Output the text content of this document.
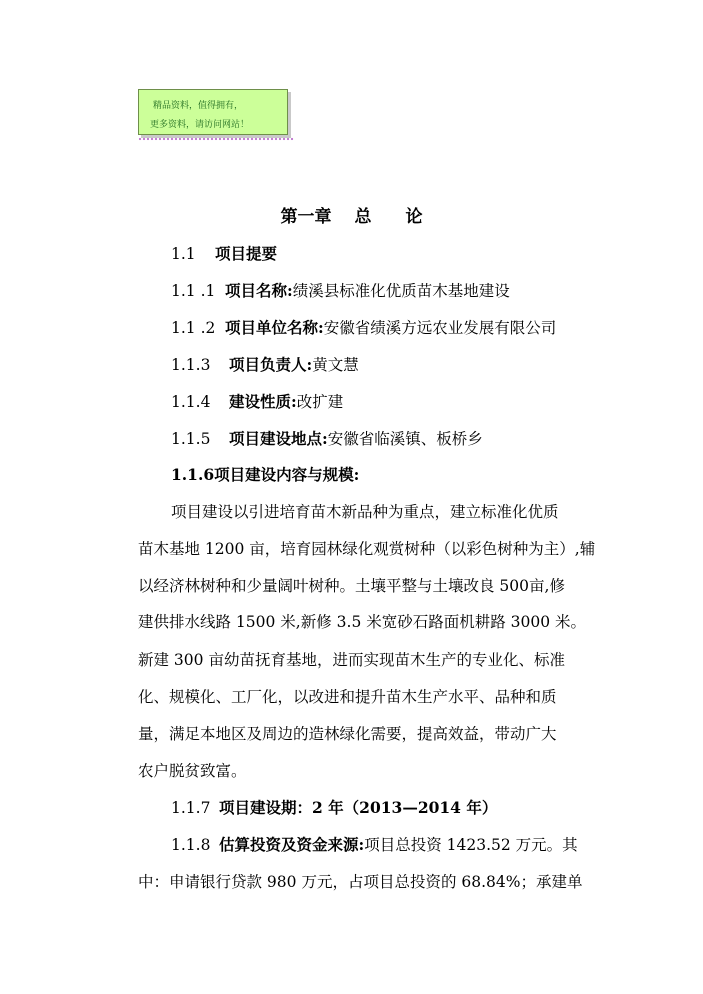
精品资料，值得拥有，
更多资料，请访问网站！
第一章　 总　　论
1.1 项目提要
1.1 .1 项目名称:绩溪县标准化优质苗木基地建设
1.1 .2 项目单位名称:安徽省绩溪方远农业发展有限公司
1.1.3 项目负责人:黄文慧
1.1.4 建设性质:改扩建
1.1.5 项目建设地点:安徽省临溪镇、板桥乡
1.1.6项目建设内容与规模:
项目建设以引进培育苗木新品种为重点，建立标准化优质
苗木基地 1200 亩，培育园林绿化观赏树种（以彩色树种为主）,辅
以经济林树种和少量阔叶树种。土壤平整与土壤改良 500亩,修
建供排水线路 1500 米,新修 3.5 米宽砂石路面机耕路 3000 米。
新建 300 亩幼苗抚育基地，进而实现苗木生产的专业化、标准
化、规模化、工厂化，以改进和提升苗木生产水平、品种和质
量，满足本地区及周边的造林绿化需要，提高效益，带动广大
农户脱贫致富。
1.1.7 项目建设期：2 年（2013—2014 年）
1.1.8 估算投资及资金来源:项目总投资 1423.52 万元。其
中：申请银行贷款 980 万元，占项目总投资的 68.84%；承建单
